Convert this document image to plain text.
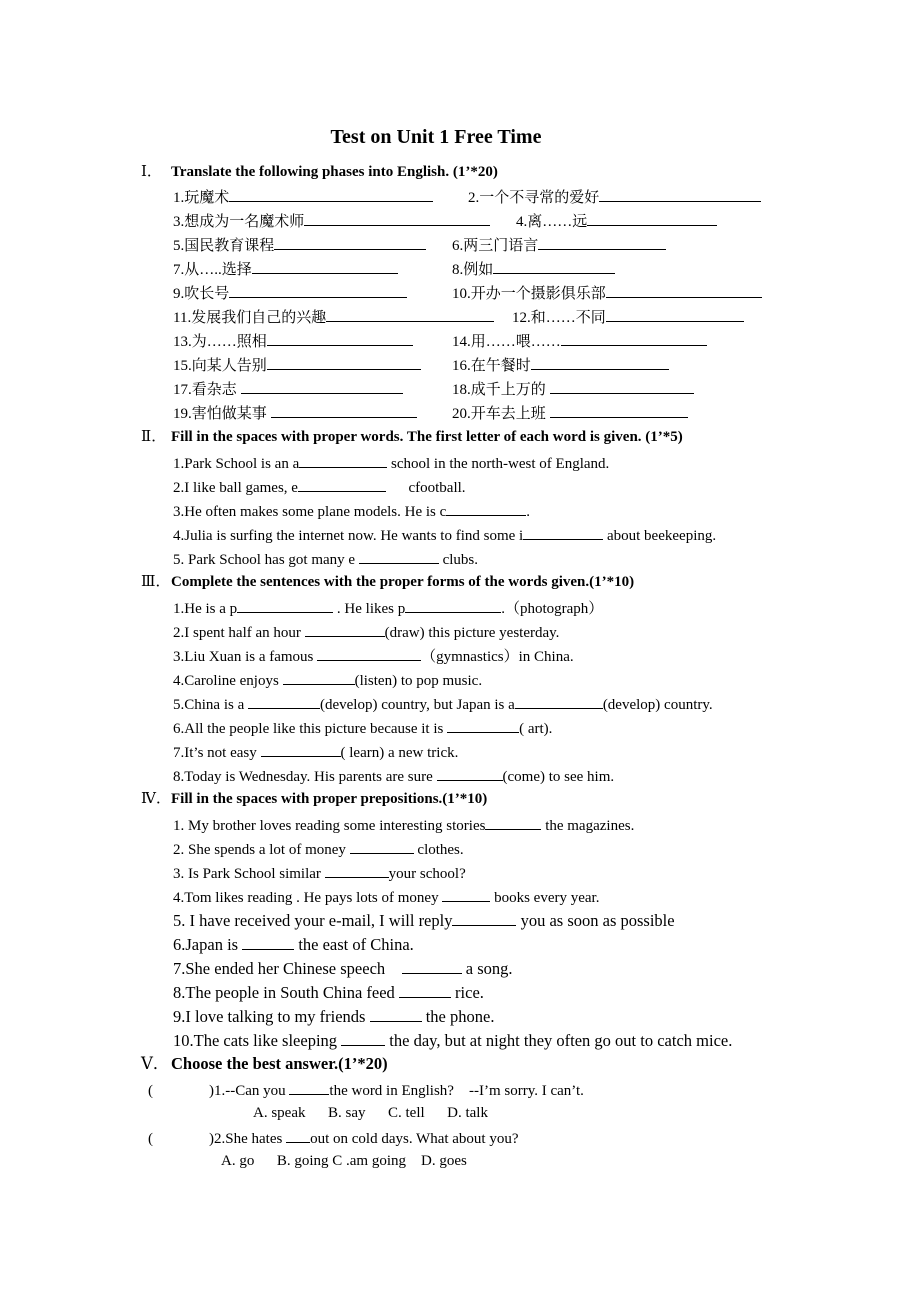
Test on Unit 1 Free Time
Ⅰ． Translate the following phases into English. (1’*20)
1.玩魔术	2.一个不寻常的爱好
3.想成为一名魔术师	4.离……远
5.国民教育课程	6.两三门语言
7.从…..选择	8.例如
9.吹长号	10.开办一个摄影俱乐部
11.发展我们自己的兴趣	12.和……不同
13.为……照相	14.用……喂……
15.向某人告别	16.在午餐时
17.看杂志	18.成千上万的
19.害怕做某事	20.开车去上班
Ⅱ． Fill in the spaces with proper words. The first letter of each word is given. (1’*5)
1.Park School is an a	school in the north-west of England.
2.I like ball games, e	cfootball.
3.He often makes some plane models. He is c	.
4.Julia is surfing the internet now. He wants to find some i	about beekeeping.
5. Park School has got many e	clubs.
Ⅲ．Complete the sentences with the proper forms of the words given.(1’*10)
1.He is a p	. He likes p	.（photograph）
2.I spent half an hour	(draw) this picture yesterday.
3.Liu Xuan is a famous	（gymnastics）in China.
4.Caroline enjoys	(listen) to pop music.
5.China is a	(develop) country, but Japan is a	(develop) country.
6.All the people like this picture because it is	( art).
7.It’s not easy	( learn) a new trick.
8.Today is Wednesday. His parents are sure	(come) to see him.
Ⅳ．Fill in the spaces with proper prepositions.(1’*10)
1. My brother loves reading some interesting stories	the magazines.
2. She spends a lot of money	clothes.
3. Is Park School similar	your school?
4.Tom likes reading . He pays lots of money	books every year.
5. I have received your e-mail, I will reply	you as soon as possible
6.Japan is	the east of China.
7.She ended her Chinese speech	a song.
8.The people in South China feed	rice.
9.I love talking to my friends	the phone.
10.The cats like sleeping	the day, but at night they often go out to catch mice.
Ⅴ．Choose the best answer.(1’*20)
(	)1.--Can you	the word in English?    --I’m sorry. I can’t.
A. speak      B. say      C. tell      D. talk
(	)2.She hates out on cold days. What about you?
A. go      B. going C .am going    D. goes
